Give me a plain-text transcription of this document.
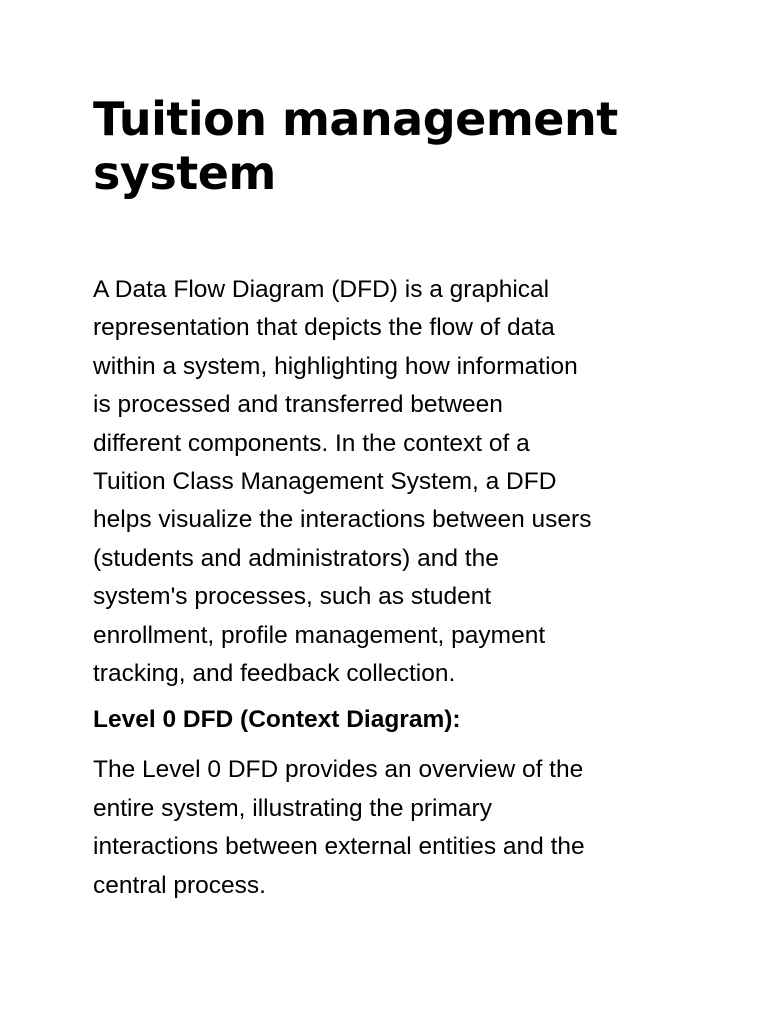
Tuition management
system

A Data Flow Diagram (DFD) is a graphical
representation that depicts the flow of data
within a system, highlighting how information
is processed and transferred between
different components. In the context of a
Tuition Class Management System, a DFD
helps visualize the interactions between users
(students and administrators) and the
system's processes, such as student
enrollment, profile management, payment
tracking, and feedback collection.

Level 0 DFD (Context Diagram):

The Level 0 DFD provides an overview of the
entire system, illustrating the primary
interactions between external entities and the
central process.
